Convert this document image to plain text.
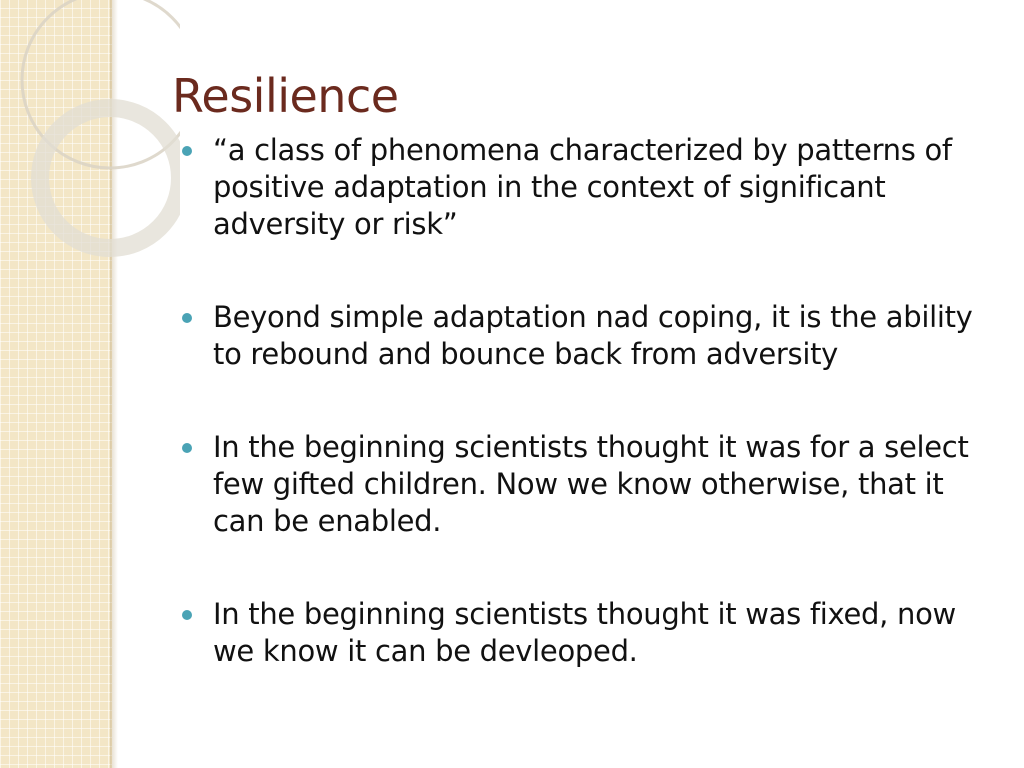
Resilience
“a class of phenomena characterized by patterns of positive adaptation in the context of significant adversity or risk”
Beyond simple adaptation nad coping, it is the ability to rebound and bounce back from adversity
In the beginning scientists thought it was for a select few gifted children. Now we know otherwise, that it can be enabled.
In the beginning scientists thought it was fixed, now we know it can be devleoped.
